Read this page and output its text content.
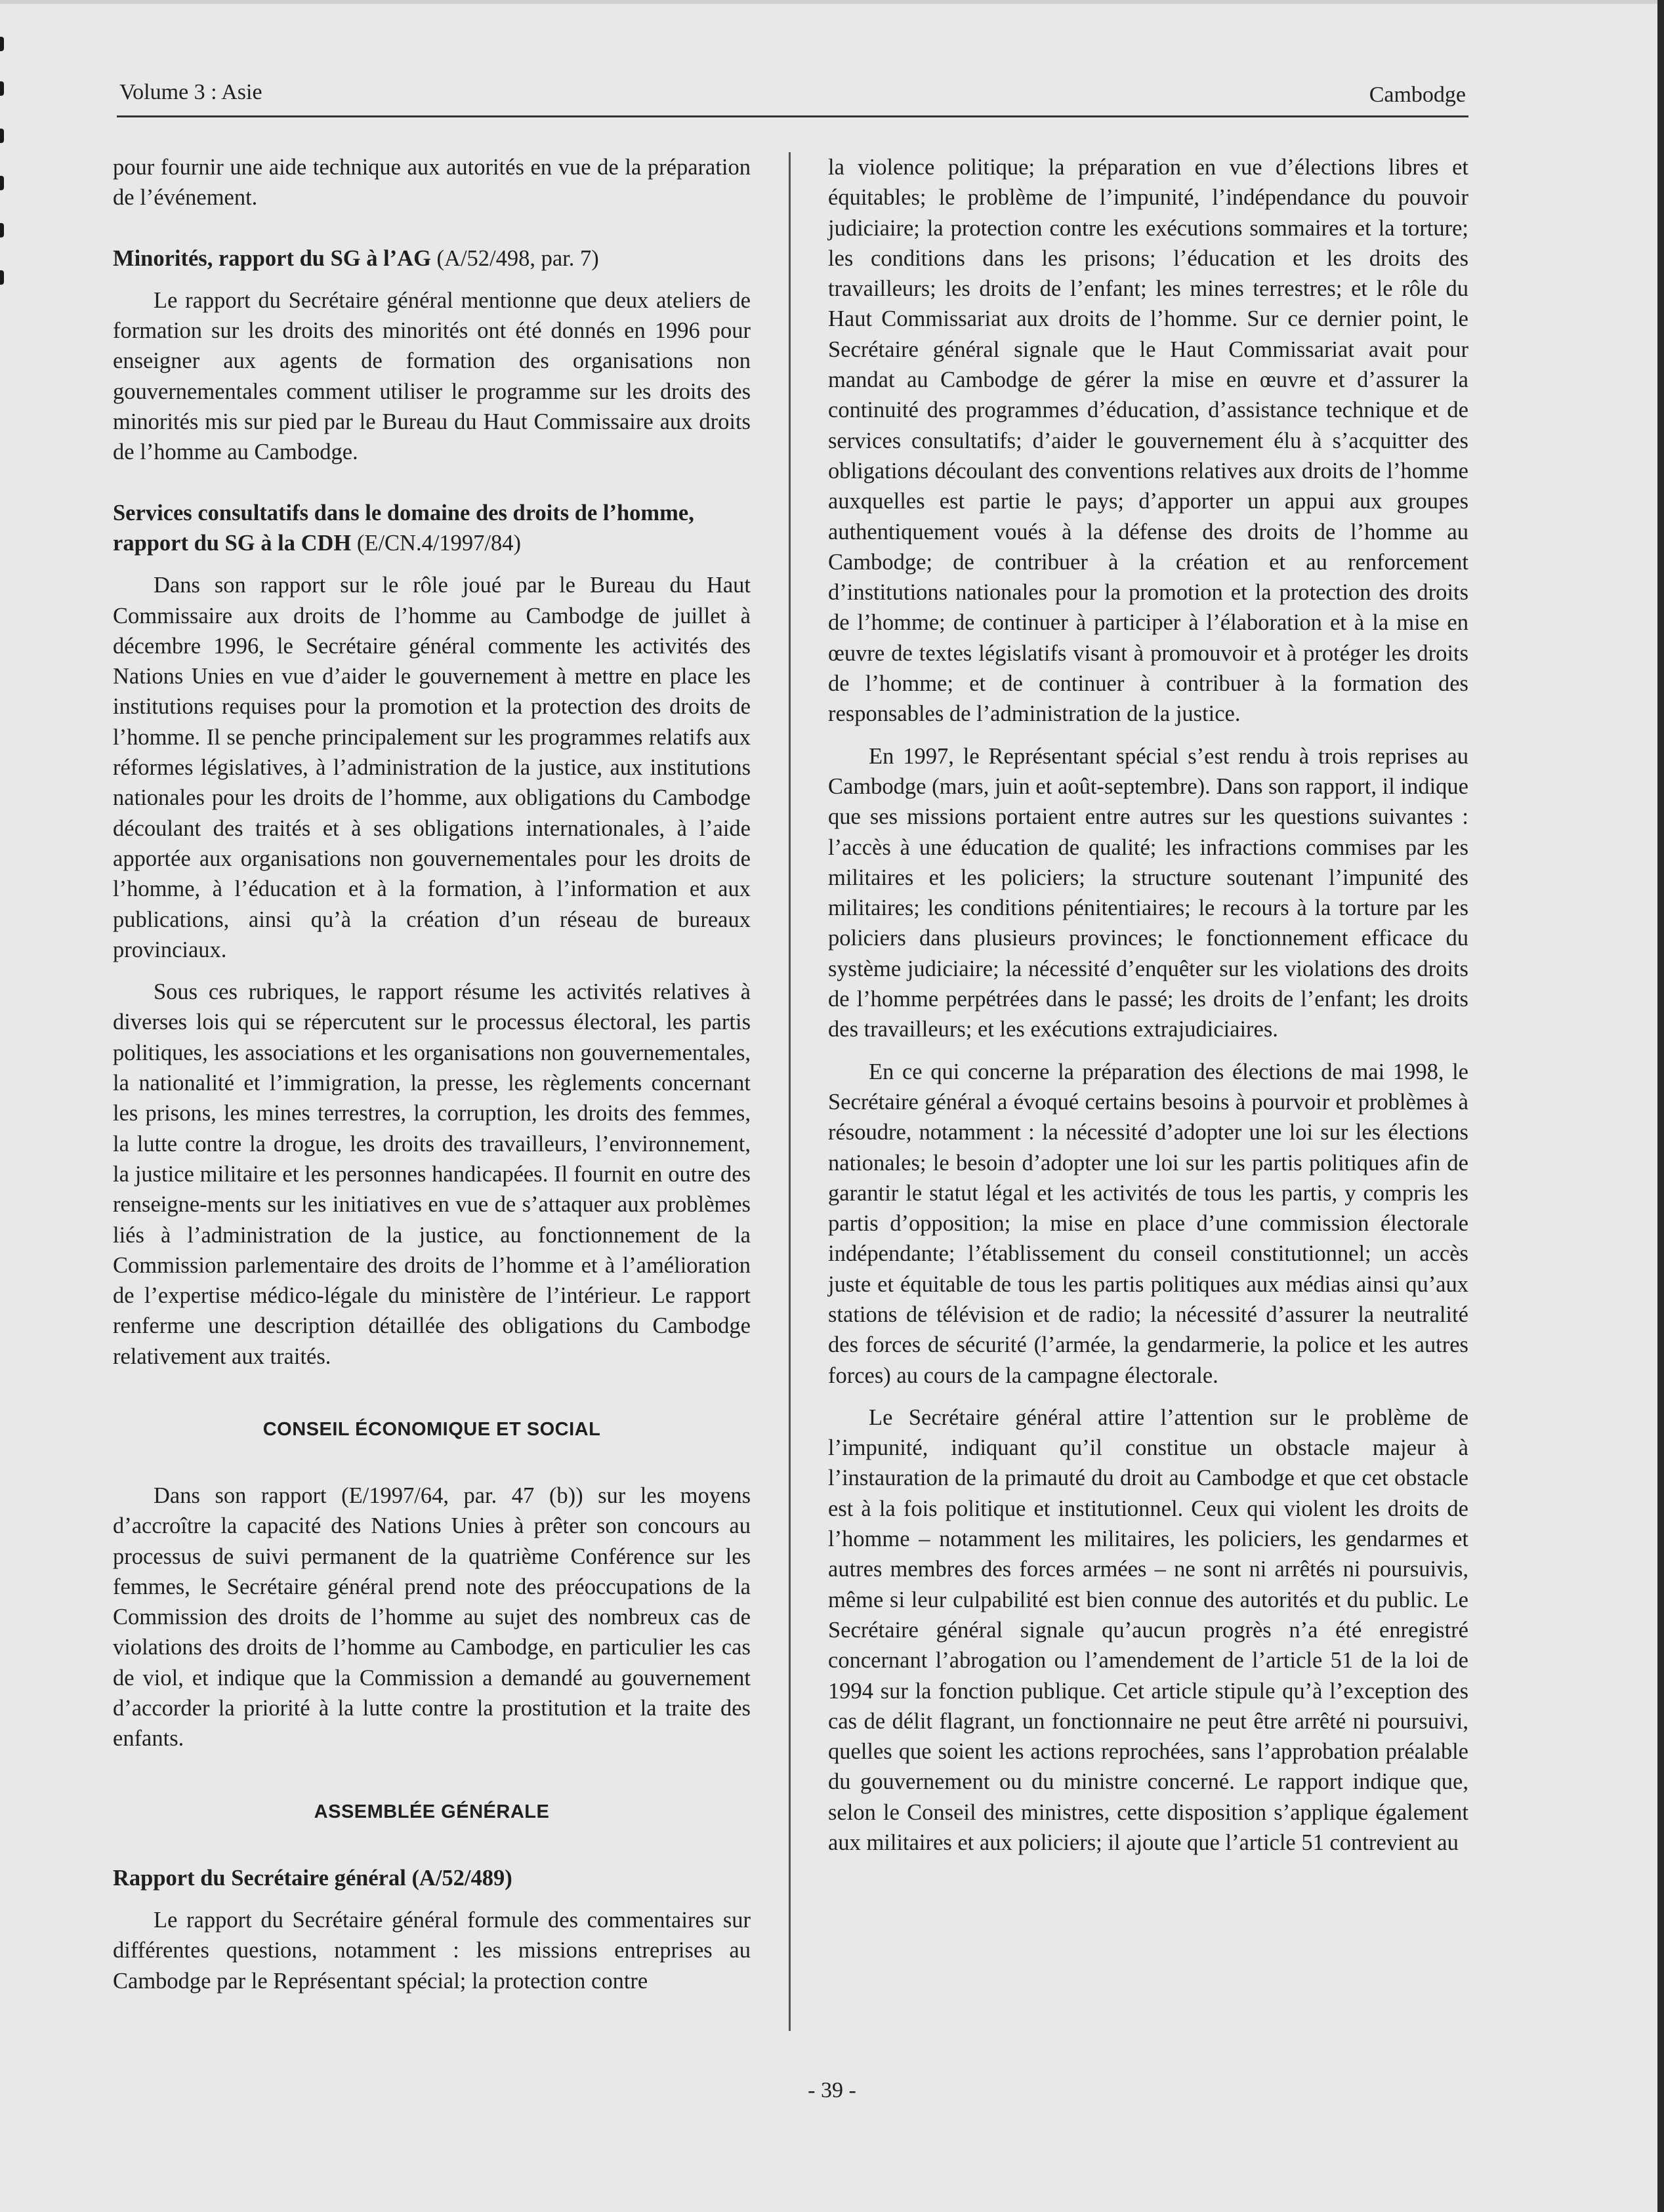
Volume 3 : Asie	Cambodge

pour fournir une aide technique aux autorités en vue de la préparation de l’événement.

Minorités, rapport du SG à l’AG (A/52/498, par. 7)

Le rapport du Secrétaire général mentionne que deux ateliers de formation sur les droits des minorités ont été donnés en 1996 pour enseigner aux agents de formation des organisations non gouvernementales comment utiliser le programme sur les droits des minorités mis sur pied par le Bureau du Haut Commissaire aux droits de l’homme au Cambodge.

Services consultatifs dans le domaine des droits de l’homme, rapport du SG à la CDH (E/CN.4/1997/84)

Dans son rapport sur le rôle joué par le Bureau du Haut Commissaire aux droits de l’homme au Cambodge de juillet à décembre 1996, le Secrétaire général commente les activités des Nations Unies en vue d’aider le gouvernement à mettre en place les institutions requises pour la promotion et la protection des droits de l’homme. Il se penche principalement sur les programmes relatifs aux réformes législatives, à l’administration de la justice, aux institutions nationales pour les droits de l’homme, aux obligations du Cambodge découlant des traités et à ses obligations internationales, à l’aide apportée aux organisations non gouvernementales pour les droits de l’homme, à l’éducation et à la formation, à l’information et aux publications, ainsi qu’à la création d’un réseau de bureaux provinciaux.

Sous ces rubriques, le rapport résume les activités relatives à diverses lois qui se répercutent sur le processus électoral, les partis politiques, les associations et les organisations non gouvernementales, la nationalité et l’immigration, la presse, les règlements concernant les prisons, les mines terrestres, la corruption, les droits des femmes, la lutte contre la drogue, les droits des travailleurs, l’environnement, la justice militaire et les personnes handicapées. Il fournit en outre des renseigne-ments sur les initiatives en vue de s’attaquer aux problèmes liés à l’administration de la justice, au fonctionnement de la Commission parlementaire des droits de l’homme et à l’amélioration de l’expertise médico-légale du ministère de l’intérieur. Le rapport renferme une description détaillée des obligations du Cambodge relativement aux traités.

CONSEIL ÉCONOMIQUE ET SOCIAL

Dans son rapport (E/1997/64, par. 47 (b)) sur les moyens d’accroître la capacité des Nations Unies à prêter son concours au processus de suivi permanent de la quatrième Conférence sur les femmes, le Secrétaire général prend note des préoccupations de la Commission des droits de l’homme au sujet des nombreux cas de violations des droits de l’homme au Cambodge, en particulier les cas de viol, et indique que la Commission a demandé au gouvernement d’accorder la priorité à la lutte contre la prostitution et la traite des enfants.

ASSEMBLÉE GÉNÉRALE

Rapport du Secrétaire général (A/52/489)

Le rapport du Secrétaire général formule des commentaires sur différentes questions, notamment : les missions entreprises au Cambodge par le Représentant spécial; la protection contre

la violence politique; la préparation en vue d’élections libres et équitables; le problème de l’impunité, l’indépendance du pouvoir judiciaire; la protection contre les exécutions sommaires et la torture; les conditions dans les prisons; l’éducation et les droits des travailleurs; les droits de l’enfant; les mines terrestres; et le rôle du Haut Commissariat aux droits de l’homme. Sur ce dernier point, le Secrétaire général signale que le Haut Commissariat avait pour mandat au Cambodge de gérer la mise en œuvre et d’assurer la continuité des programmes d’éducation, d’assistance technique et de services consultatifs; d’aider le gouvernement élu à s’acquitter des obligations découlant des conventions relatives aux droits de l’homme auxquelles est partie le pays; d’apporter un appui aux groupes authentiquement voués à la défense des droits de l’homme au Cambodge; de contribuer à la création et au renforcement d’institutions nationales pour la promotion et la protection des droits de l’homme; de continuer à participer à l’élaboration et à la mise en œuvre de textes législatifs visant à promouvoir et à protéger les droits de l’homme; et de continuer à contribuer à la formation des responsables de l’administration de la justice.

En 1997, le Représentant spécial s’est rendu à trois reprises au Cambodge (mars, juin et août-septembre). Dans son rapport, il indique que ses missions portaient entre autres sur les questions suivantes : l’accès à une éducation de qualité; les infractions commises par les militaires et les policiers; la structure soutenant l’impunité des militaires; les conditions pénitentiaires; le recours à la torture par les policiers dans plusieurs provinces; le fonctionnement efficace du système judiciaire; la nécessité d’enquêter sur les violations des droits de l’homme perpétrées dans le passé; les droits de l’enfant; les droits des travailleurs; et les exécutions extrajudiciaires.

En ce qui concerne la préparation des élections de mai 1998, le Secrétaire général a évoqué certains besoins à pourvoir et problèmes à résoudre, notamment : la nécessité d’adopter une loi sur les élections nationales; le besoin d’adopter une loi sur les partis politiques afin de garantir le statut légal et les activités de tous les partis, y compris les partis d’opposition; la mise en place d’une commission électorale indépendante; l’établissement du conseil constitutionnel; un accès juste et équitable de tous les partis politiques aux médias ainsi qu’aux stations de télévision et de radio; la nécessité d’assurer la neutralité des forces de sécurité (l’armée, la gendarmerie, la police et les autres forces) au cours de la campagne électorale.

Le Secrétaire général attire l’attention sur le problème de l’impunité, indiquant qu’il constitue un obstacle majeur à l’instauration de la primauté du droit au Cambodge et que cet obstacle est à la fois politique et institutionnel. Ceux qui violent les droits de l’homme – notamment les militaires, les policiers, les gendarmes et autres membres des forces armées – ne sont ni arrêtés ni poursuivis, même si leur culpabilité est bien connue des autorités et du public. Le Secrétaire général signale qu’aucun progrès n’a été enregistré concernant l’abrogation ou l’amendement de l’article 51 de la loi de 1994 sur la fonction publique. Cet article stipule qu’à l’exception des cas de délit flagrant, un fonctionnaire ne peut être arrêté ni poursuivi, quelles que soient les actions reprochées, sans l’approbation préalable du gouvernement ou du ministre concerné. Le rapport indique que, selon le Conseil des ministres, cette disposition s’applique également aux militaires et aux policiers; il ajoute que l’article 51 contrevient au

- 39 -
